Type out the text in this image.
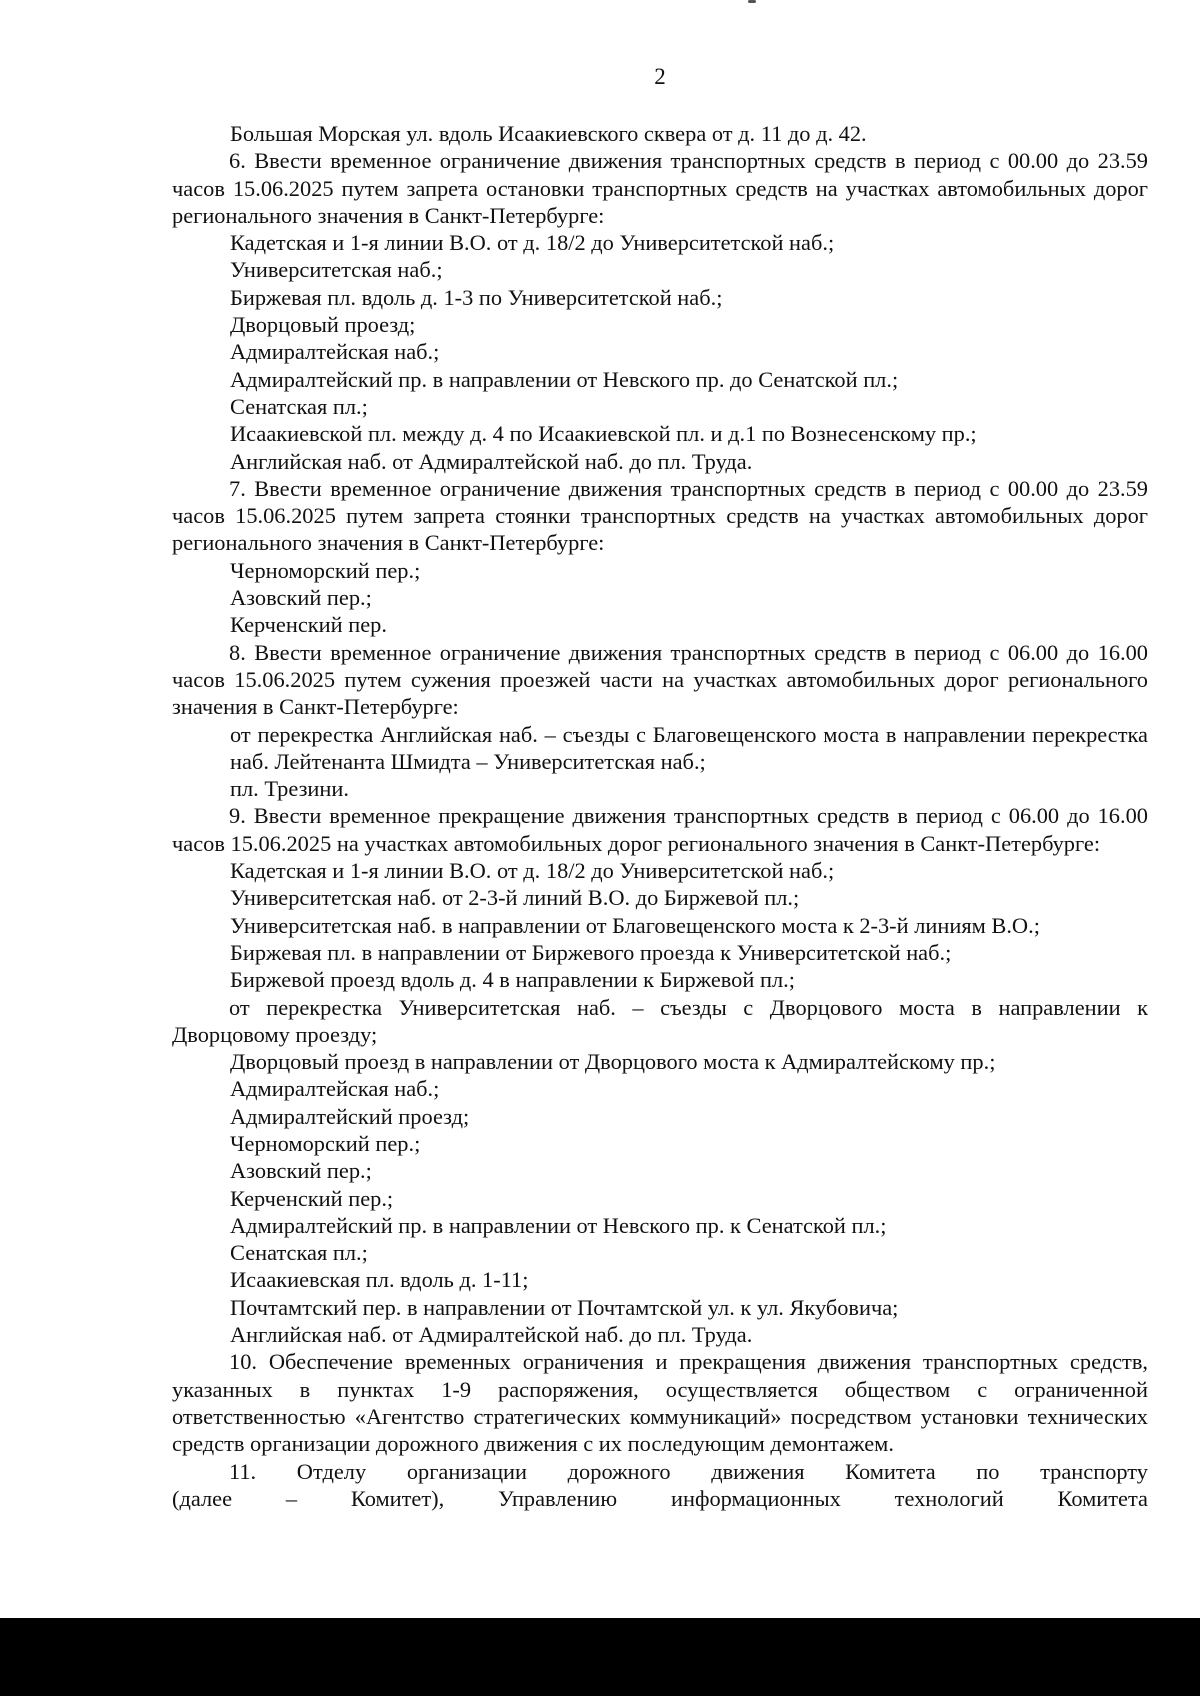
2

Большая Морская ул. вдоль Исаакиевского сквера от д. 11 до д. 42.

6. Ввести временное ограничение движения транспортных средств в период с 00.00 до 23.59 часов 15.06.2025 путем запрета остановки транспортных средств на участках автомобильных дорог регионального значения в Санкт-Петербурге:

Кадетская и 1-я линии В.О. от д. 18/2 до Университетской наб.;

Университетская наб.;

Биржевая пл. вдоль д. 1-3 по Университетской наб.;

Дворцовый проезд;

Адмиралтейская наб.;

Адмиралтейский пр. в направлении от Невского пр. до Сенатской пл.;

Сенатская пл.;

Исаакиевской пл. между д. 4 по Исаакиевской пл. и д.1 по Вознесенскому пр.;

Английская наб. от Адмиралтейской наб. до пл. Труда.

7. Ввести временное ограничение движения транспортных средств в период с 00.00 до 23.59 часов 15.06.2025 путем запрета стоянки транспортных средств на участках автомобильных дорог регионального значения в Санкт-Петербурге:

Черноморский пер.;

Азовский пер.;

Керченский пер.

8. Ввести временное ограничение движения транспортных средств в период с 06.00 до 16.00 часов 15.06.2025 путем сужения проезжей части на участках автомобильных дорог регионального значения в Санкт-Петербурге:

от перекрестка Английская наб. – съезды с Благовещенского моста в направлении перекрестка наб. Лейтенанта Шмидта – Университетская наб.;

пл. Трезини.

9. Ввести временное прекращение движения транспортных средств в период с 06.00 до 16.00 часов 15.06.2025 на участках автомобильных дорог регионального значения в Санкт-Петербурге:

Кадетская и 1-я линии В.О. от д. 18/2 до Университетской наб.;

Университетская наб. от 2-3-й линий В.О. до Биржевой пл.;

Университетская наб. в направлении от Благовещенского моста к 2-3-й линиям В.О.;

Биржевая пл. в направлении от Биржевого проезда к Университетской наб.;

Биржевой проезд вдоль д. 4 в направлении к Биржевой пл.;

от перекрестка Университетская наб. – съезды с Дворцового моста в направлении к Дворцовому проезду;

Дворцовый проезд в направлении от Дворцового моста к Адмиралтейскому пр.;

Адмиралтейская наб.;

Адмиралтейский проезд;

Черноморский пер.;

Азовский пер.;

Керченский пер.;

Адмиралтейский пр. в направлении от Невского пр. к Сенатской пл.;

Сенатская пл.;

Исаакиевская пл. вдоль д. 1-11;

Почтамтский пер. в направлении от Почтамтской ул. к ул. Якубовича;

Английская наб. от Адмиралтейской наб. до пл. Труда.

10. Обеспечение временных ограничения и прекращения движения транспортных средств, указанных в пунктах 1-9 распоряжения, осуществляется обществом с ограниченной ответственностью «Агентство стратегических коммуникаций» посредством установки технических средств организации дорожного движения с их последующим демонтажем.

11. Отделу организации дорожного движения Комитета по транспорту

(далее – Комитет), Управлению информационных технологий Комитета
